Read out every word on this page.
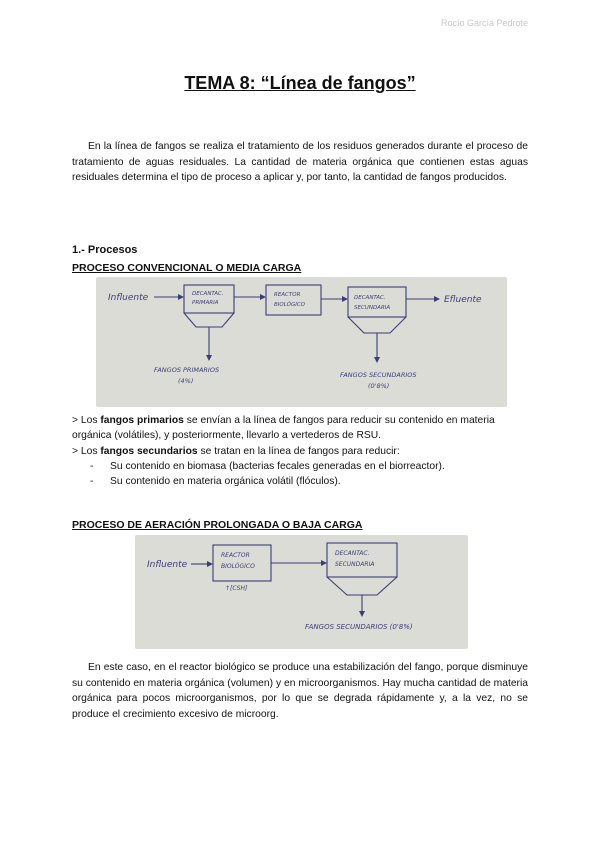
Rocío García Pedrote
TEMA 8: “Línea de fangos”
En la línea de fangos se realiza el tratamiento de los residuos generados durante el proceso de tratamiento de aguas residuales. La cantidad de materia orgánica que contienen estas aguas residuales determina el tipo de proceso a aplicar y, por tanto, la cantidad de fangos producidos.
1.- Procesos
PROCESO CONVENCIONAL O MEDIA CARGA
Influente	DECANTAC.
PRIMARIA
REACTOR
BIOLÓGICO
DECANTAC.
SECUNDARIA
Efluente
FANGOS PRIMARIOS
(4%)
FANGOS SECUNDARIOS
(0'8%)
> Los fangos primarios se envían a la línea de fangos para reducir su contenido en materia orgánica (volátiles), y posteriormente, llevarlo a vertederos de RSU.
> Los fangos secundarios se tratan en la línea de fangos para reducir:
- Su contenido en biomasa (bacterias fecales generadas en el biorreactor).
- Su contenido en materia orgánica volátil (flóculos).
PROCESO DE AERACIÓN PROLONGADA O BAJA CARGA
Influente
REACTOR
BIOLÓGICO
↑[CSH]
DECANTAC.
SECUNDARIA
FANGOS SECUNDARIOS (0'8%)
En este caso, en el reactor biológico se produce una estabilización del fango, porque disminuye su contenido en materia orgánica (volumen) y en microorganismos. Hay mucha cantidad de materia orgánica para pocos microorganismos, por lo que se degrada rápidamente y, a la vez, no se produce el crecimiento excesivo de microorg.
